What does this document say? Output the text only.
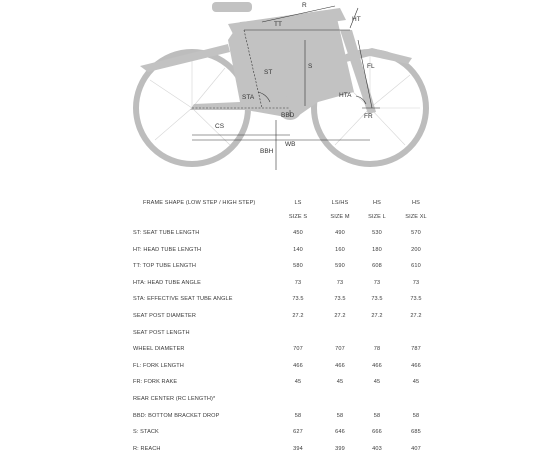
R
TT
HT
ST
S	FL
STA	HTA
FR
BBD
CS
WB
BBH
FRAME SHAPE (LOW STEP / HIGH STEP)	LS	LS/HS	HS	HS
SIZE S	SIZE M	SIZE L	SIZE XL
ST: SEAT TUBE LENGTH	450	490	530	570
HT: HEAD TUBE LENGTH	140	160	180	200
TT: TOP TUBE LENGTH	580	590	608	610
HTA: HEAD TUBE ANGLE	73	73	73	73
STA: EFFECTIVE SEAT TUBE ANGLE	73.5	73.5	73.5	73.5
SEAT POST DIAMETER	27.2	27.2	27.2	27.2
SEAT POST LENGTH
WHEEL DIAMETER	707	707	78	787
FL: FORK LENGTH	466	466	466	466
FR: FORK RAKE	45	45	45	45
REAR CENTER (RC LENGTH)*
BBD: BOTTOM BRACKET DROP	58	58	58	58
S: STACK	627	646	666	685
R: REACH	394	399	403	407
